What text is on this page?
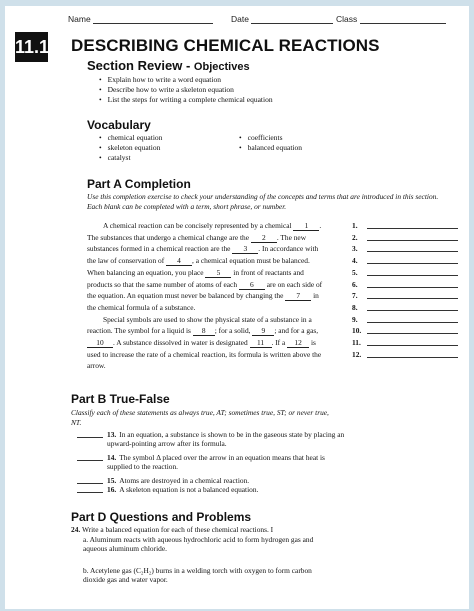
Name	Date	Class
11.1 DESCRIBING CHEMICAL REACTIONS
Section Review - Objectives
• Explain how to write a word equation
• Describe how to write a skeleton equation
• List the steps for writing a complete chemical equation
Vocabulary
• chemical equation
• skeleton equation
• catalyst
• coefficients
• balanced equation
Part A Completion
Use this completion exercise to check your understanding of the concepts and terms that are introduced in this section. Each blank can be completed with a term, short phrase, or number.
A chemical reaction can be concisely represented by a chemical 1 .
The substances that undergo a chemical change are the 2 . The new
substances formed in a chemical reaction are the 3 . In accordance with
the law of conservation of 4 , a chemical equation must be balanced.
When balancing an equation, you place 5 in front of reactants and
products so that the same number of atoms of each 6 are on each side of
the equation. An equation must never be balanced by changing the 7 in
the chemical formula of a substance.
Special symbols are used to show the physical state of a substance in a
reaction. The symbol for a liquid is 8 ; for a solid, 9 ; and for a gas,
10 . A substance dissolved in water is designated 11 . If a 12 is
used to increase the rate of a chemical reaction, its formula is written above the
arrow.
1.
2.
3.
4.
5.
6.
7.
8.
9.
10.
11.
12.
Part B True-False
Classify each of these statements as always true, AT; sometimes true, ST; or never true, NT.
13. In an equation, a substance is shown to be in the gaseous state by placing an upward-pointing arrow after its formula.
14. The symbol Δ placed over the arrow in an equation means that heat is supplied to the reaction.
15. Atoms are destroyed in a chemical reaction.
16. A skeleton equation is not a balanced equation.
Part D Questions and Problems
24. Write a balanced equation for each of these chemical reactions. I
a. Aluminum reacts with aqueous hydrochloric acid to form hydrogen gas and aqueous aluminum chloride.
b. Acetylene gas (C₂H₂) burns in a welding torch with oxygen to form carbon dioxide gas and water vapor.
